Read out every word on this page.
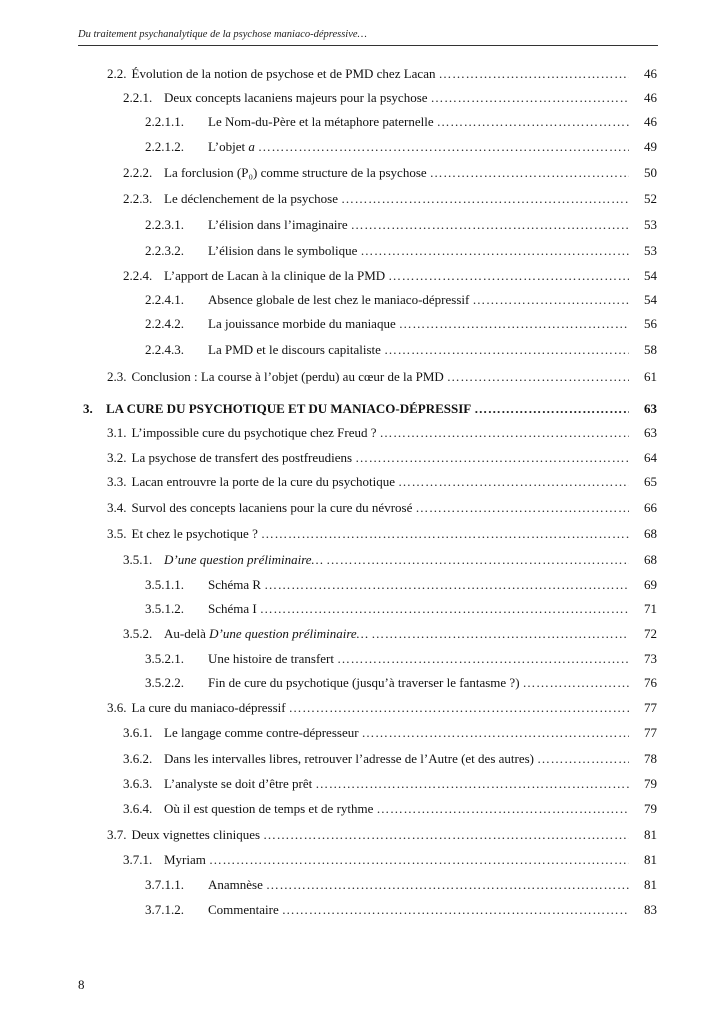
Du traitement psychanalytique de la psychose maniaco-dépressive…
2.2. Évolution de la notion de psychose et de PMD chez Lacan …………………………………………………………………………………………………………………………………………………………………………………………………	46
2.2.1. Deux concepts lacaniens majeurs pour la psychose …………………………………………………………………………………………………………………………………………………………………………………………………	46
2.2.1.1.	Le Nom-du-Père et la métaphore paternelle …………………………………………………………………………………………………………………………………………………………………………………………………	46
2.2.1.2.	L’objet a …………………………………………………………………………………………………………………………………………………………………………………………………	49
2.2.2. La forclusion (P₀) comme structure de la psychose …………………………………………………………………………………………………………………………………………………………………………………………………	50
2.2.3. Le déclenchement de la psychose …………………………………………………………………………………………………………………………………………………………………………………………………	52
2.2.3.1.	L’élision dans l’imaginaire …………………………………………………………………………………………………………………………………………………………………………………………………	53
2.2.3.2.	L’élision dans le symbolique …………………………………………………………………………………………………………………………………………………………………………………………………	53
2.2.4. L’apport de Lacan à la clinique de la PMD …………………………………………………………………………………………………………………………………………………………………………………………………	54
2.2.4.1.	Absence globale de lest chez le maniaco-dépressif …………………………………………………………………………………………………………………………………………………………………………………………………	54
2.2.4.2.	La jouissance morbide du maniaque …………………………………………………………………………………………………………………………………………………………………………………………………	56
2.2.4.3.	La PMD et le discours capitaliste …………………………………………………………………………………………………………………………………………………………………………………………………	58
2.3. Conclusion : La course à l’objet (perdu) au cœur de la PMD …………………………………………………………………………………………………………………………………………………………………………………………………	61
3.	LA CURE DU PSYCHOTIQUE ET DU MANIACO-DÉPRESSIF …………………………………………………………………………………………………………………………………………………………………………………………………	63
3.1. L’impossible cure du psychotique chez Freud ? …………………………………………………………………………………………………………………………………………………………………………………………………	63
3.2. La psychose de transfert des postfreudiens …………………………………………………………………………………………………………………………………………………………………………………………………	64
3.3. Lacan entrouvre la porte de la cure du psychotique …………………………………………………………………………………………………………………………………………………………………………………………………	65
3.4. Survol des concepts lacaniens pour la cure du névrosé …………………………………………………………………………………………………………………………………………………………………………………………………	66
3.5. Et chez le psychotique ? …………………………………………………………………………………………………………………………………………………………………………………………………	68
3.5.1. D’une question préliminaire… …………………………………………………………………………………………………………………………………………………………………………………………………	68
3.5.1.1.	Schéma R …………………………………………………………………………………………………………………………………………………………………………………………………	69
3.5.1.2.	Schéma I …………………………………………………………………………………………………………………………………………………………………………………………………	71
3.5.2. Au-delà D’une question préliminaire… …………………………………………………………………………………………………………………………………………………………………………………………………	72
3.5.2.1.	Une histoire de transfert …………………………………………………………………………………………………………………………………………………………………………………………………	73
3.5.2.2.	Fin de cure du psychotique (jusqu’à traverser le fantasme ?) …………………………………………………………………………………………………………………………………………………………………………………………………	76
3.6. La cure du maniaco-dépressif …………………………………………………………………………………………………………………………………………………………………………………………………	77
3.6.1. Le langage comme contre-dépresseur …………………………………………………………………………………………………………………………………………………………………………………………………	77
3.6.2. Dans les intervalles libres, retrouver l’adresse de l’Autre (et des autres) …………………………………………………………………………………………………………………………………………………………………………………………………	78
3.6.3. L’analyste se doit d’être prêt …………………………………………………………………………………………………………………………………………………………………………………………………	79
3.6.4. Où il est question de temps et de rythme …………………………………………………………………………………………………………………………………………………………………………………………………	79
3.7. Deux vignettes cliniques …………………………………………………………………………………………………………………………………………………………………………………………………	81
3.7.1. Myriam …………………………………………………………………………………………………………………………………………………………………………………………………	81
3.7.1.1.	Anamnèse …………………………………………………………………………………………………………………………………………………………………………………………………	81
3.7.1.2.	Commentaire …………………………………………………………………………………………………………………………………………………………………………………………………	83
8
